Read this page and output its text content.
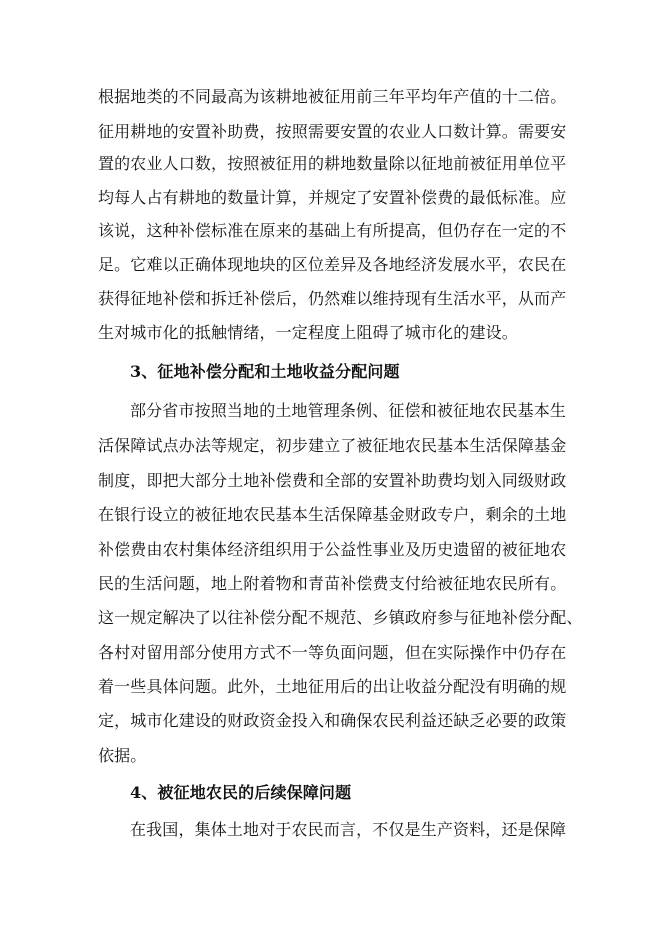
根据地类的不同最高为该耕地被征用前三年平均年产值的十二倍。
征用耕地的安置补助费，按照需要安置的农业人口数计算。需要安
置的农业人口数，按照被征用的耕地数量除以征地前被征用单位平
均每人占有耕地的数量计算，并规定了安置补偿费的最低标准。应
该说，这种补偿标准在原来的基础上有所提高，但仍存在一定的不
足。它难以正确体现地块的区位差异及各地经济发展水平，农民在
获得征地补偿和拆迁补偿后，仍然难以维持现有生活水平，从而产
生对城市化的抵触情绪，一定程度上阻碍了城市化的建设。
3、征地补偿分配和土地收益分配问题
部分省市按照当地的土地管理条例、征偿和被征地农民基本生
活保障试点办法等规定，初步建立了被征地农民基本生活保障基金
制度，即把大部分土地补偿费和全部的安置补助费均划入同级财政
在银行设立的被征地农民基本生活保障基金财政专户，剩余的土地
补偿费由农村集体经济组织用于公益性事业及历史遗留的被征地农
民的生活问题，地上附着物和青苗补偿费支付给被征地农民所有。
这一规定解决了以往补偿分配不规范、乡镇政府参与征地补偿分配、
各村对留用部分使用方式不一等负面问题，但在实际操作中仍存在
着一些具体问题。此外，土地征用后的出让收益分配没有明确的规
定，城市化建设的财政资金投入和确保农民利益还缺乏必要的政策
依据。
4、被征地农民的后续保障问题
在我国，集体土地对于农民而言，不仅是生产资料，还是保障
